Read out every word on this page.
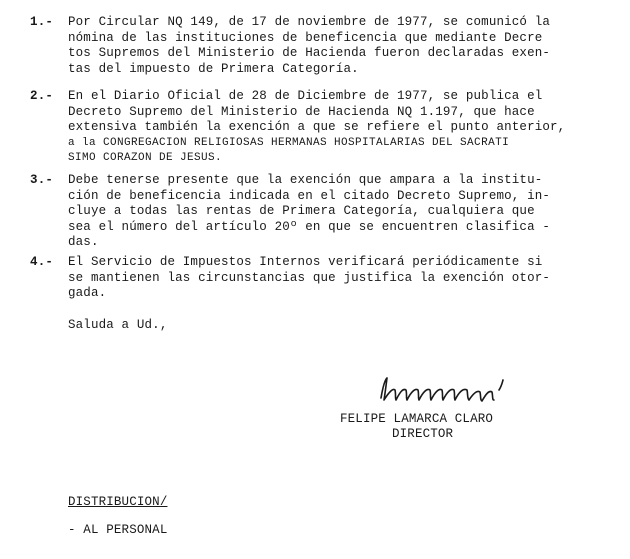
1.- Por Circular NQ 149, de 17 de noviembre de 1977, se comunicó la
nómina de las instituciones de beneficencia que mediante Decre
tos Supremos del Ministerio de Hacienda fueron declaradas exen-
tas del impuesto de Primera Categoría.
2.- En el Diario Oficial de 28 de Diciembre de 1977, se publica el
Decreto Supremo del Ministerio de Hacienda NQ 1.197, que hace
extensiva también la exención a que se refiere el punto anterior,
a la CONGREGACION RELIGIOSAS HERMANAS HOSPITALARIAS DEL SACRATI
SIMO CORAZON DE JESUS.
3.- Debe tenerse presente que la exención que ampara a la institu-
ción de beneficencia indicada en el citado Decreto Supremo, in-
cluye a todas las rentas de Primera Categoría, cualquiera que
sea el número del artículo 20º en que se encuentren clasifica -
das.
4.- El Servicio de Impuestos Internos verificará periódicamente si
se mantienen las circunstancias que justifica la exención otor-
gada.
Saluda a Ud.,
FELIPE LAMARCA CLARO
DIRECTOR
DISTRIBUCION/
- AL PERSONAL
